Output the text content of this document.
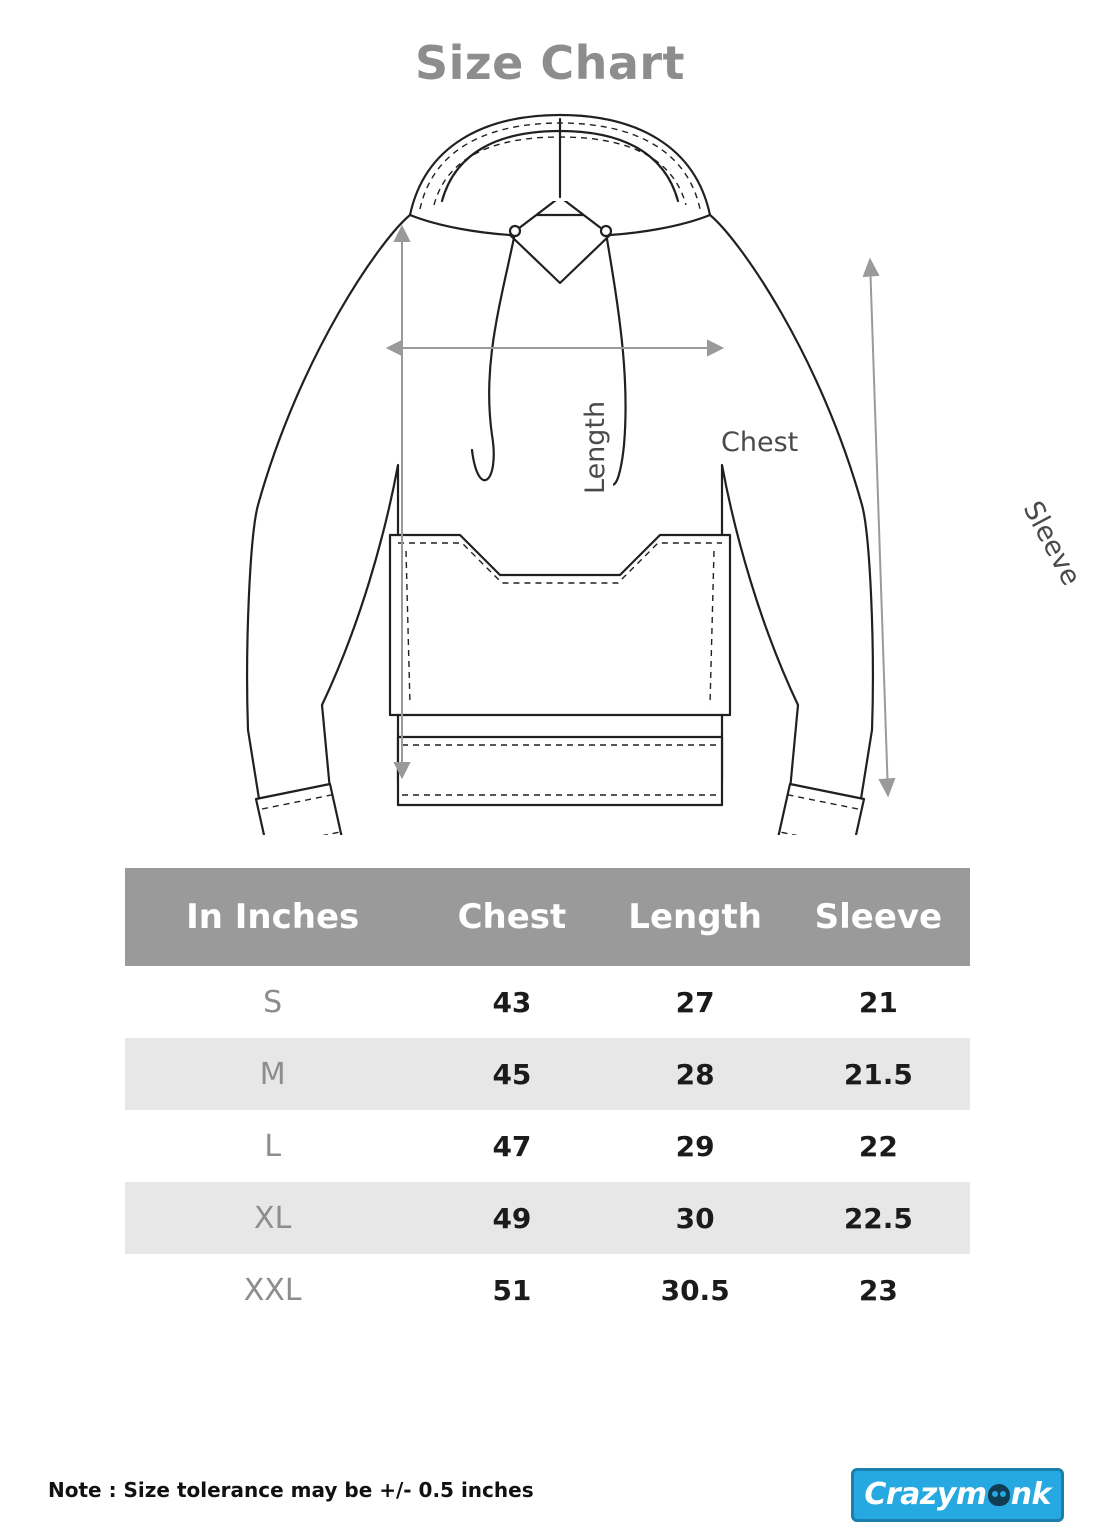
Size Chart
Chest
Length
Sleeve
In Inches	Chest	Length	Sleeve
S	43	27	21
M	45	28	21.5
L	47	29	22
XL	49	30	22.5
XXL	51	30.5	23
Note : Size tolerance may be +/- 0.5 inches	Crazym nk
